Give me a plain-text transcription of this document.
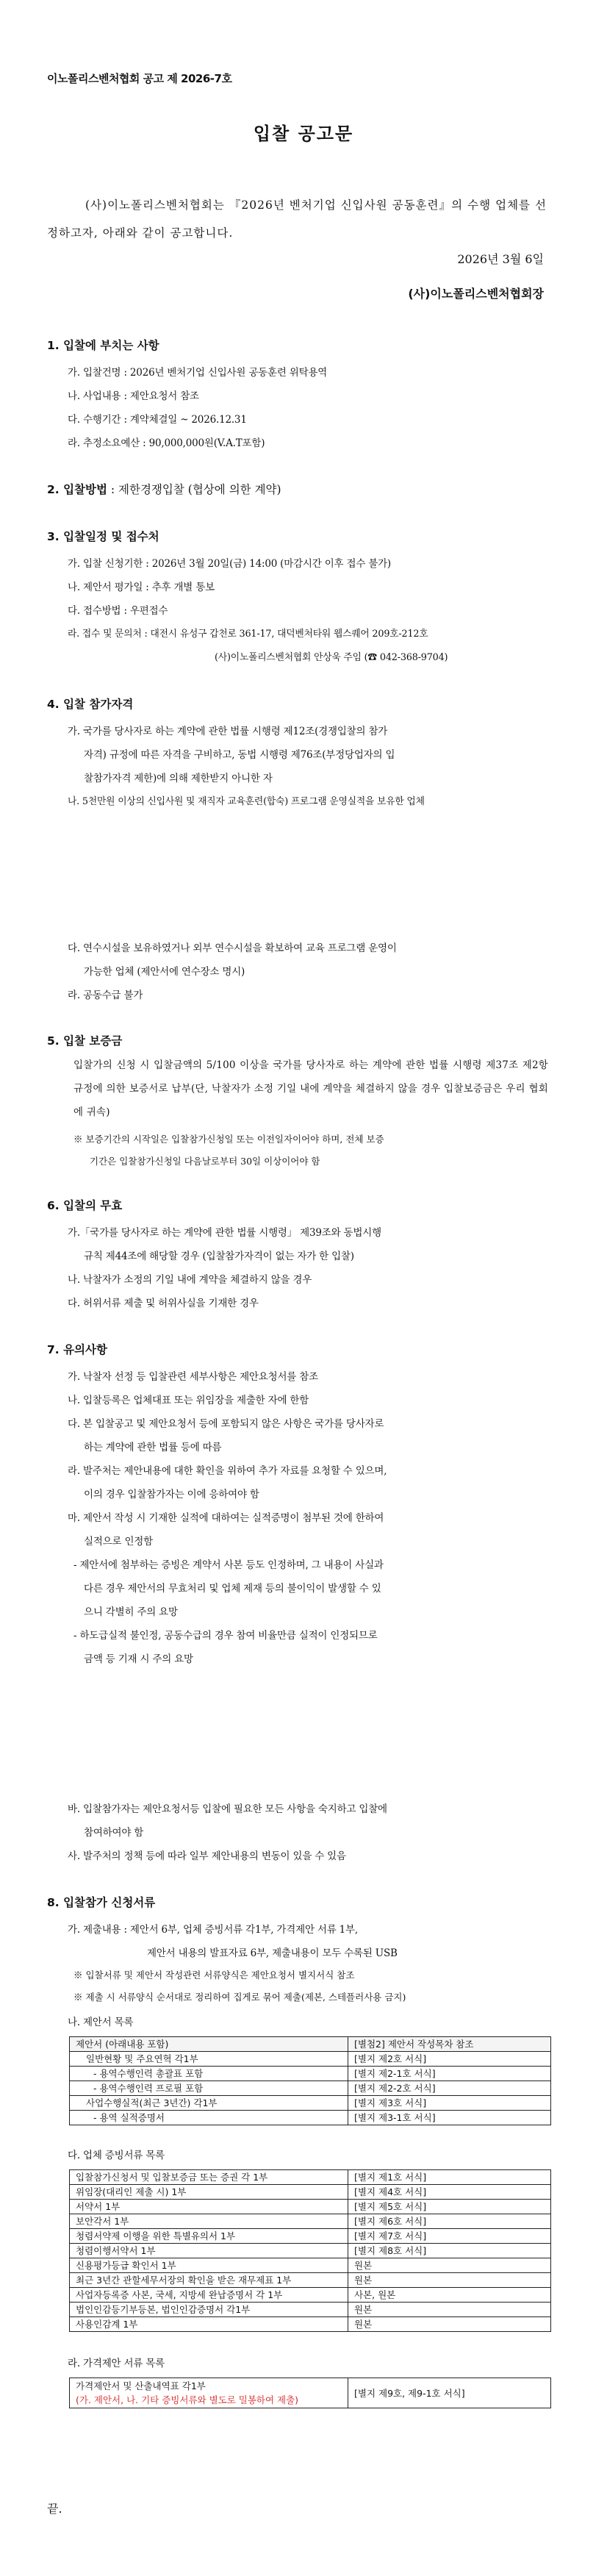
이노폴리스벤처협회 공고 제 2026-7호
입찰 공고문
(사)이노폴리스벤처협회는 『2026년 벤처기업 신입사원 공동훈련』의 수행 업체를 선정하고자, 아래와 같이 공고합니다.
2026년 3월 6일
(사)이노폴리스벤처협회장
1. 입찰에 부치는 사항
가. 입찰건명 : 2026년 벤처기업 신입사원 공동훈련 위탁용역
나. 사업내용 : 제안요청서 참조
다. 수행기간 : 계약체결일 ~ 2026.12.31
라. 추정소요예산 : 90,000,000원(V.A.T포함)
2. 입찰방법 : 제한경쟁입찰 (협상에 의한 계약)
3. 입찰일정 및 접수처
가. 입찰 신청기한 : 2026년 3월 20일(금) 14:00 (마감시간 이후 접수 불가)
나. 제안서 평가일 : 추후 개별 통보
다. 접수방법 : 우편접수
라. 접수 및 문의처 : 대전시 유성구 갑천로 361-17, 대덕벤처타워 웹스퀘어 209호-212호
(사)이노폴리스벤처협회 안상욱 주임 (☎ 042-368-9704)
4. 입찰 참가자격
가. 국가를 당사자로 하는 계약에 관한 법률 시행령 제12조(경쟁입찰의 참가
자격) 규정에 따른 자격을 구비하고, 동법 시행령 제76조(부정당업자의 입
찰참가자격 제한)에 의해 제한받지 아니한 자
나. 5천만원 이상의 신입사원 및 재직자 교육훈련(합숙) 프로그램 운영실적을 보유한 업체
다. 연수시설을 보유하였거나 외부 연수시설을 확보하여 교육 프로그램 운영이
가능한 업체 (제안서에 연수장소 명시)
라. 공동수급 불가
5. 입찰 보증금
입찰가의 신청 시 입찰금액의 5/100 이상을 국가를 당사자로 하는 계약에 관한 법률 시행령 제37조 제2항 규정에 의한 보증서로 납부(단, 낙찰자가 소정 기일 내에 계약을 체결하지 않을 경우 입찰보증금은 우리 협회에 귀속)
※ 보증기간의 시작일은 입찰참가신청일 또는 이전일자이어야 하며, 전체 보증
기간은 입찰참가신청일 다음날로부터 30일 이상이어야 함
6. 입찰의 무효
가.「국가를 당사자로 하는 계약에 관한 법률 시행령」 제39조와 동법시행
규칙 제44조에 해당할 경우 (입찰참가자격이 없는 자가 한 입찰)
나. 낙찰자가 소정의 기일 내에 계약을 체결하지 않을 경우
다. 허위서류 제출 및 허위사실을 기재한 경우
7. 유의사항
가. 낙찰자 선정 등 입찰관련 세부사항은 제안요청서를 참조
나. 입찰등록은 업체대표 또는 위임장을 제출한 자에 한함
다. 본 입찰공고 및 제안요청서 등에 포함되지 않은 사항은 국가를 당사자로
하는 계약에 관한 법률 등에 따름
라. 발주처는 제안내용에 대한 확인을 위하여 추가 자료를 요청할 수 있으며,
이의 경우 입찰참가자는 이에 응하여야 함
마. 제안서 작성 시 기재한 실적에 대하여는 실적증명이 첨부된 것에 한하여
실적으로 인정함
- 제안서에 첨부하는 증빙은 계약서 사본 등도 인정하며, 그 내용이 사실과
다른 경우 제안서의 무효처리 및 업체 제재 등의 불이익이 발생할 수 있
으니 각별히 주의 요망
- 하도급실적 불인정, 공동수급의 경우 참여 비율만큼 실적이 인정되므로
금액 등 기재 시 주의 요망
바. 입찰참가자는 제안요청서등 입찰에 필요한 모든 사항을 숙지하고 입찰에
참여하여야 함
사. 발주처의 정책 등에 따라 일부 제안내용의 변동이 있을 수 있음
8. 입찰참가 신청서류
가. 제출내용 : 제안서 6부, 업체 증빙서류 각1부, 가격제안 서류 1부,
제안서 내용의 발표자료 6부, 제출내용이 모두 수록된 USB
※ 입찰서류 및 제안서 작성관련 서류양식은 제안요청서 별지서식 참조
※ 제출 시 서류양식 순서대로 정리하여 집게로 묶어 제출(제본, 스테플러사용 금지)
나. 제안서 목록
제안서 (아래내용 포함)	[별첨2] 제안서 작성목차 참조
일반현황 및 주요연혁 각1부	[별지 제2호 서식]
- 용역수행인력 총괄표 포함	[별지 제2-1호 서식]
- 용역수행인력 프로필 포함	[별지 제2-2호 서식]
사업수행실적(최근 3년간) 각1부	[별지 제3호 서식]
- 용역 실적증명서	[별지 제3-1호 서식]
다. 업체 증빙서류 목록
입찰참가신청서 및 입찰보증금 또는 증권 각 1부	[별지 제1호 서식]
위임장(대리인 제출 시) 1부	[별지 제4호 서식]
서약서 1부	[별지 제5호 서식]
보안각서 1부	[별지 제6호 서식]
청렴서약제 이행을 위한 특별유의서 1부	[별지 제7호 서식]
청렴이행서약서 1부	[별지 제8호 서식]
신용평가등급 확인서 1부	원본
최근 3년간 관할세무서장의 확인을 받은 재무제표 1부	원본
사업자등록증 사본, 국세, 지방세 완납증명서 각 1부	사본, 원본
법인인감등기부등본, 법인인감증명서 각1부	원본
사용인감계 1부	원본
라. 가격제안 서류 목록
가격제안서 및 산출내역표 각1부
(가. 제안서, 나. 기타 증빙서류와 별도로 밀봉하여 제출)
	[별지 제9호, 제9-1호 서식]
끝.
